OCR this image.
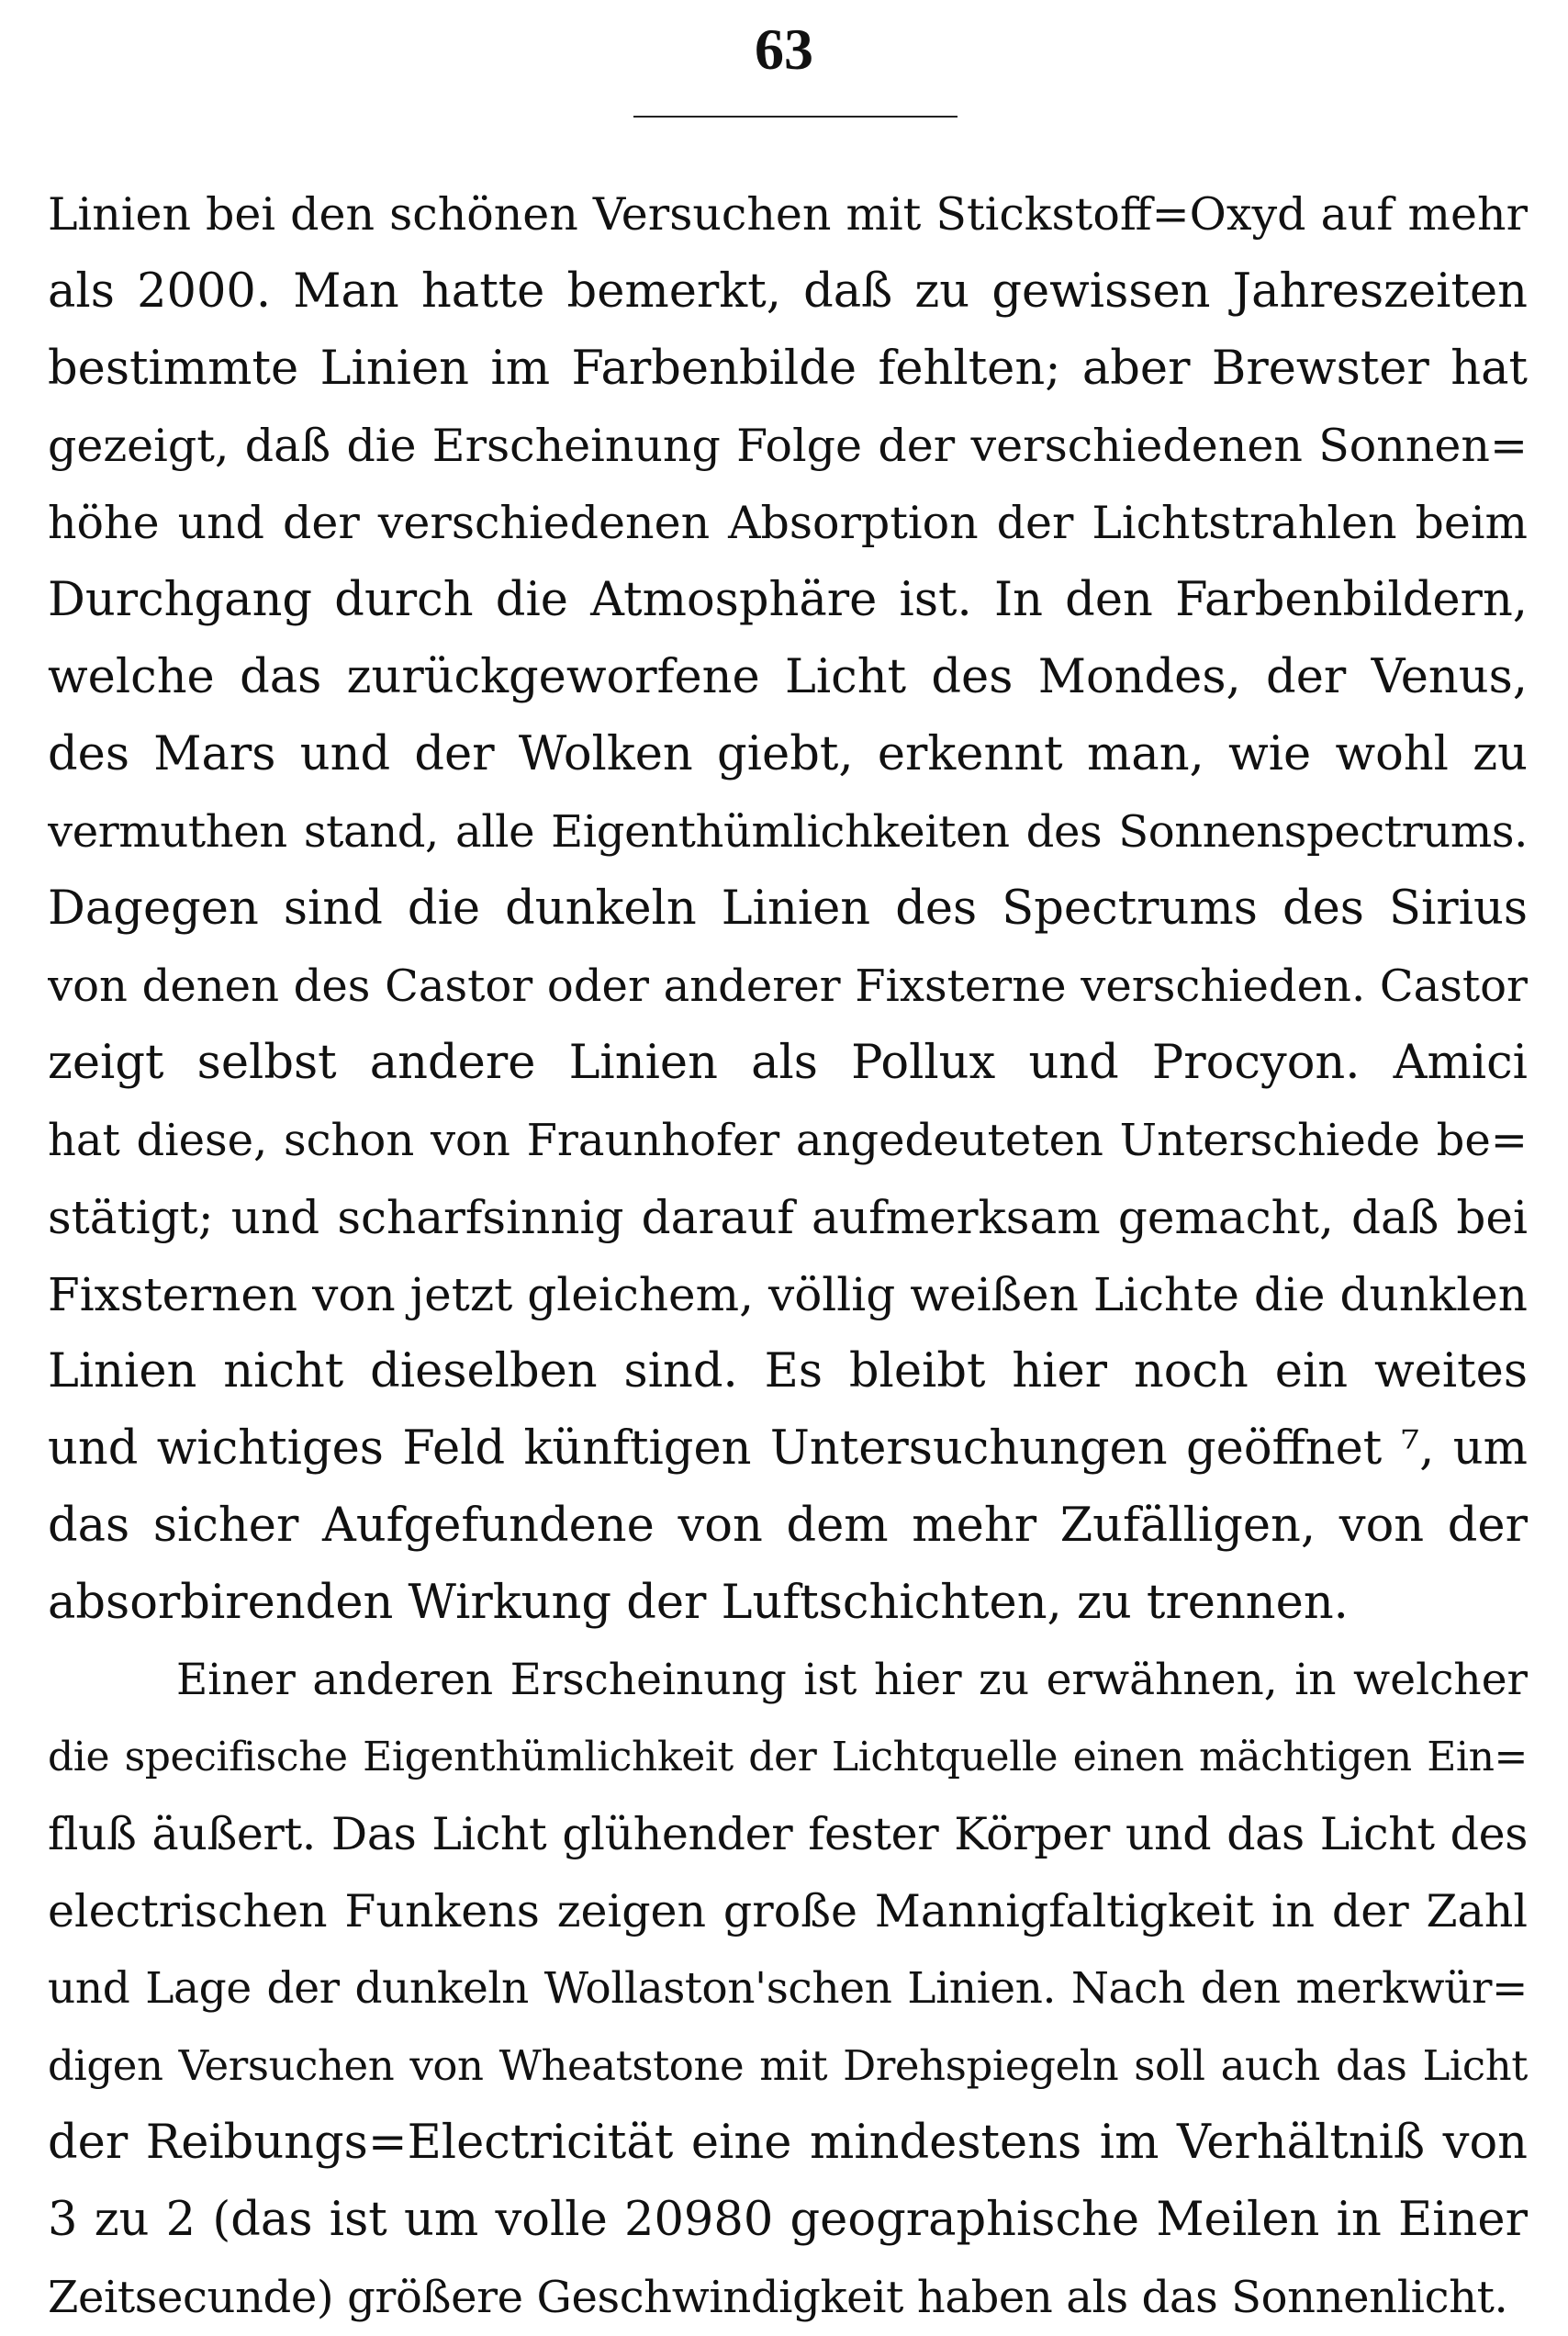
63
Linien bei den schönen Versuchen mit Stickstoff=Oxyd auf mehr
als 2000. Man hatte bemerkt, daß zu gewissen Jahreszeiten
bestimmte Linien im Farbenbilde fehlten; aber Brewster hat
gezeigt, daß die Erscheinung Folge der verschiedenen Sonnen=
höhe und der verschiedenen Absorption der Lichtstrahlen beim
Durchgang durch die Atmosphäre ist. In den Farbenbildern,
welche das zurückgeworfene Licht des Mondes, der Venus,
des Mars und der Wolken giebt, erkennt man, wie wohl zu
vermuthen stand, alle Eigenthümlichkeiten des Sonnenspectrums.
Dagegen sind die dunkeln Linien des Spectrums des Sirius
von denen des Castor oder anderer Fixsterne verschieden. Castor
zeigt selbst andere Linien als Pollux und Procyon. Amici
hat diese, schon von Fraunhofer angedeuteten Unterschiede be=
stätigt; und scharfsinnig darauf aufmerksam gemacht, daß bei
Fixsternen von jetzt gleichem, völlig weißen Lichte die dunklen
Linien nicht dieselben sind. Es bleibt hier noch ein weites
und wichtiges Feld künftigen Untersuchungen geöffnet ⁷, um
das sicher Aufgefundene von dem mehr Zufälligen, von der
absorbirenden Wirkung der Luftschichten, zu trennen.
Einer anderen Erscheinung ist hier zu erwähnen, in welcher
die specifische Eigenthümlichkeit der Lichtquelle einen mächtigen Ein=
fluß äußert. Das Licht glühender fester Körper und das Licht des
electrischen Funkens zeigen große Mannigfaltigkeit in der Zahl
und Lage der dunkeln Wollaston'schen Linien. Nach den merkwür=
digen Versuchen von Wheatstone mit Drehspiegeln soll auch das Licht
der Reibungs=Electricität eine mindestens im Verhältniß von
3 zu 2 (das ist um volle 20980 geographische Meilen in Einer
Zeitsecunde) größere Geschwindigkeit haben als das Sonnenlicht.
